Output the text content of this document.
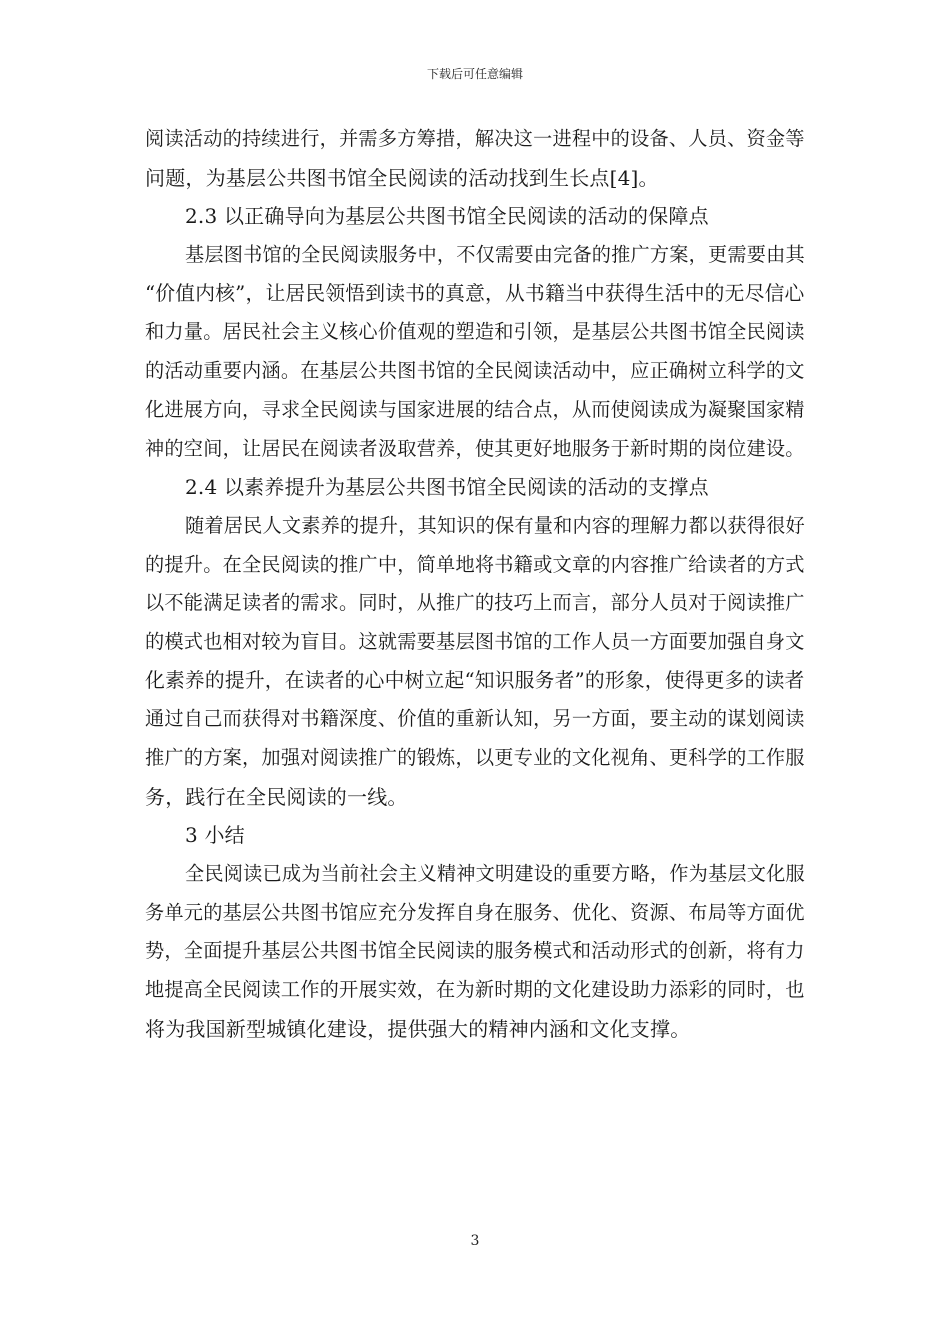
下载后可任意编辑
阅读活动的持续进行，并需多方筹措，解决这一进程中的设备、人员、资金等
问题，为基层公共图书馆全民阅读的活动找到生长点[4]。
2.3 以正确导向为基层公共图书馆全民阅读的活动的保障点
基层图书馆的全民阅读服务中，不仅需要由完备的推广方案，更需要由其
“价值内核”，让居民领悟到读书的真意，从书籍当中获得生活中的无尽信心
和力量。居民社会主义核心价值观的塑造和引领，是基层公共图书馆全民阅读
的活动重要内涵。在基层公共图书馆的全民阅读活动中，应正确树立科学的文
化进展方向，寻求全民阅读与国家进展的结合点，从而使阅读成为凝聚国家精
神的空间，让居民在阅读者汲取营养，使其更好地服务于新时期的岗位建设。
2.4 以素养提升为基层公共图书馆全民阅读的活动的支撑点
随着居民人文素养的提升，其知识的保有量和内容的理解力都以获得很好
的提升。在全民阅读的推广中，简单地将书籍或文章的内容推广给读者的方式
以不能满足读者的需求。同时，从推广的技巧上而言，部分人员对于阅读推广
的模式也相对较为盲目。这就需要基层图书馆的工作人员一方面要加强自身文
化素养的提升，在读者的心中树立起“知识服务者”的形象，使得更多的读者
通过自己而获得对书籍深度、价值的重新认知，另一方面，要主动的谋划阅读
推广的方案，加强对阅读推广的锻炼，以更专业的文化视角、更科学的工作服
务，践行在全民阅读的一线。
3 小结
全民阅读已成为当前社会主义精神文明建设的重要方略，作为基层文化服
务单元的基层公共图书馆应充分发挥自身在服务、优化、资源、布局等方面优
势，全面提升基层公共图书馆全民阅读的服务模式和活动形式的创新，将有力
地提高全民阅读工作的开展实效，在为新时期的文化建设助力添彩的同时，也
将为我国新型城镇化建设，提供强大的精神内涵和文化支撑。
3
